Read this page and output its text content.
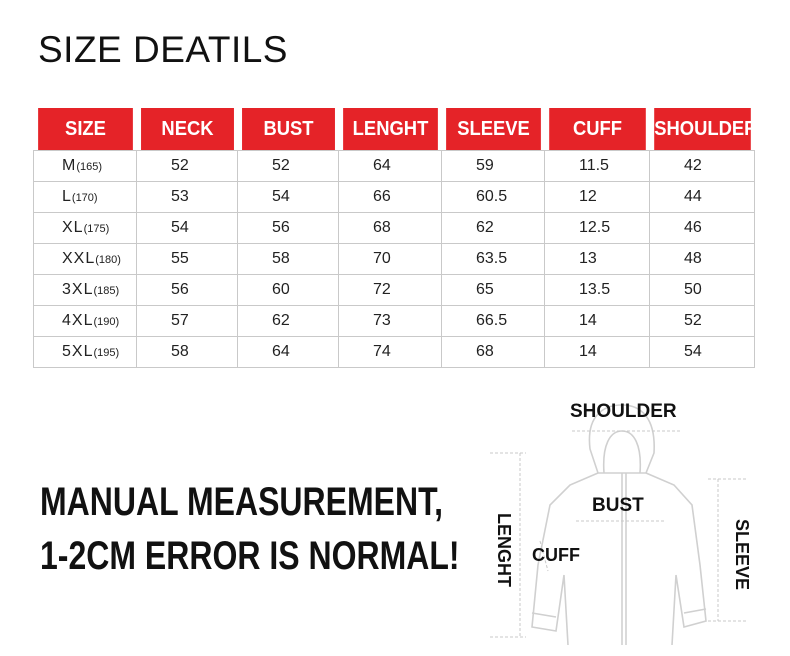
SIZE DEATILS
SIZE	NECK	BUST	LENGHT	SLEEVE	CUFF	SHOULDER
M(165)	52	52	64	59	11.5	42
L(170)	53	54	66	60.5	12	44
XL(175)	54	56	68	62	12.5	46
XXL(180)	55	58	70	63.5	13	48
3XL(185)	56	60	72	65	13.5	50
4XL(190)	57	62	73	66.5	14	52
5XL(195)	58	64	74	68	14	54
MANUAL MEASUREMENT,
1-2CM ERROR IS NORMAL!
SHOULDER
BUST
CUFF
LENGHT	SLEEVE
